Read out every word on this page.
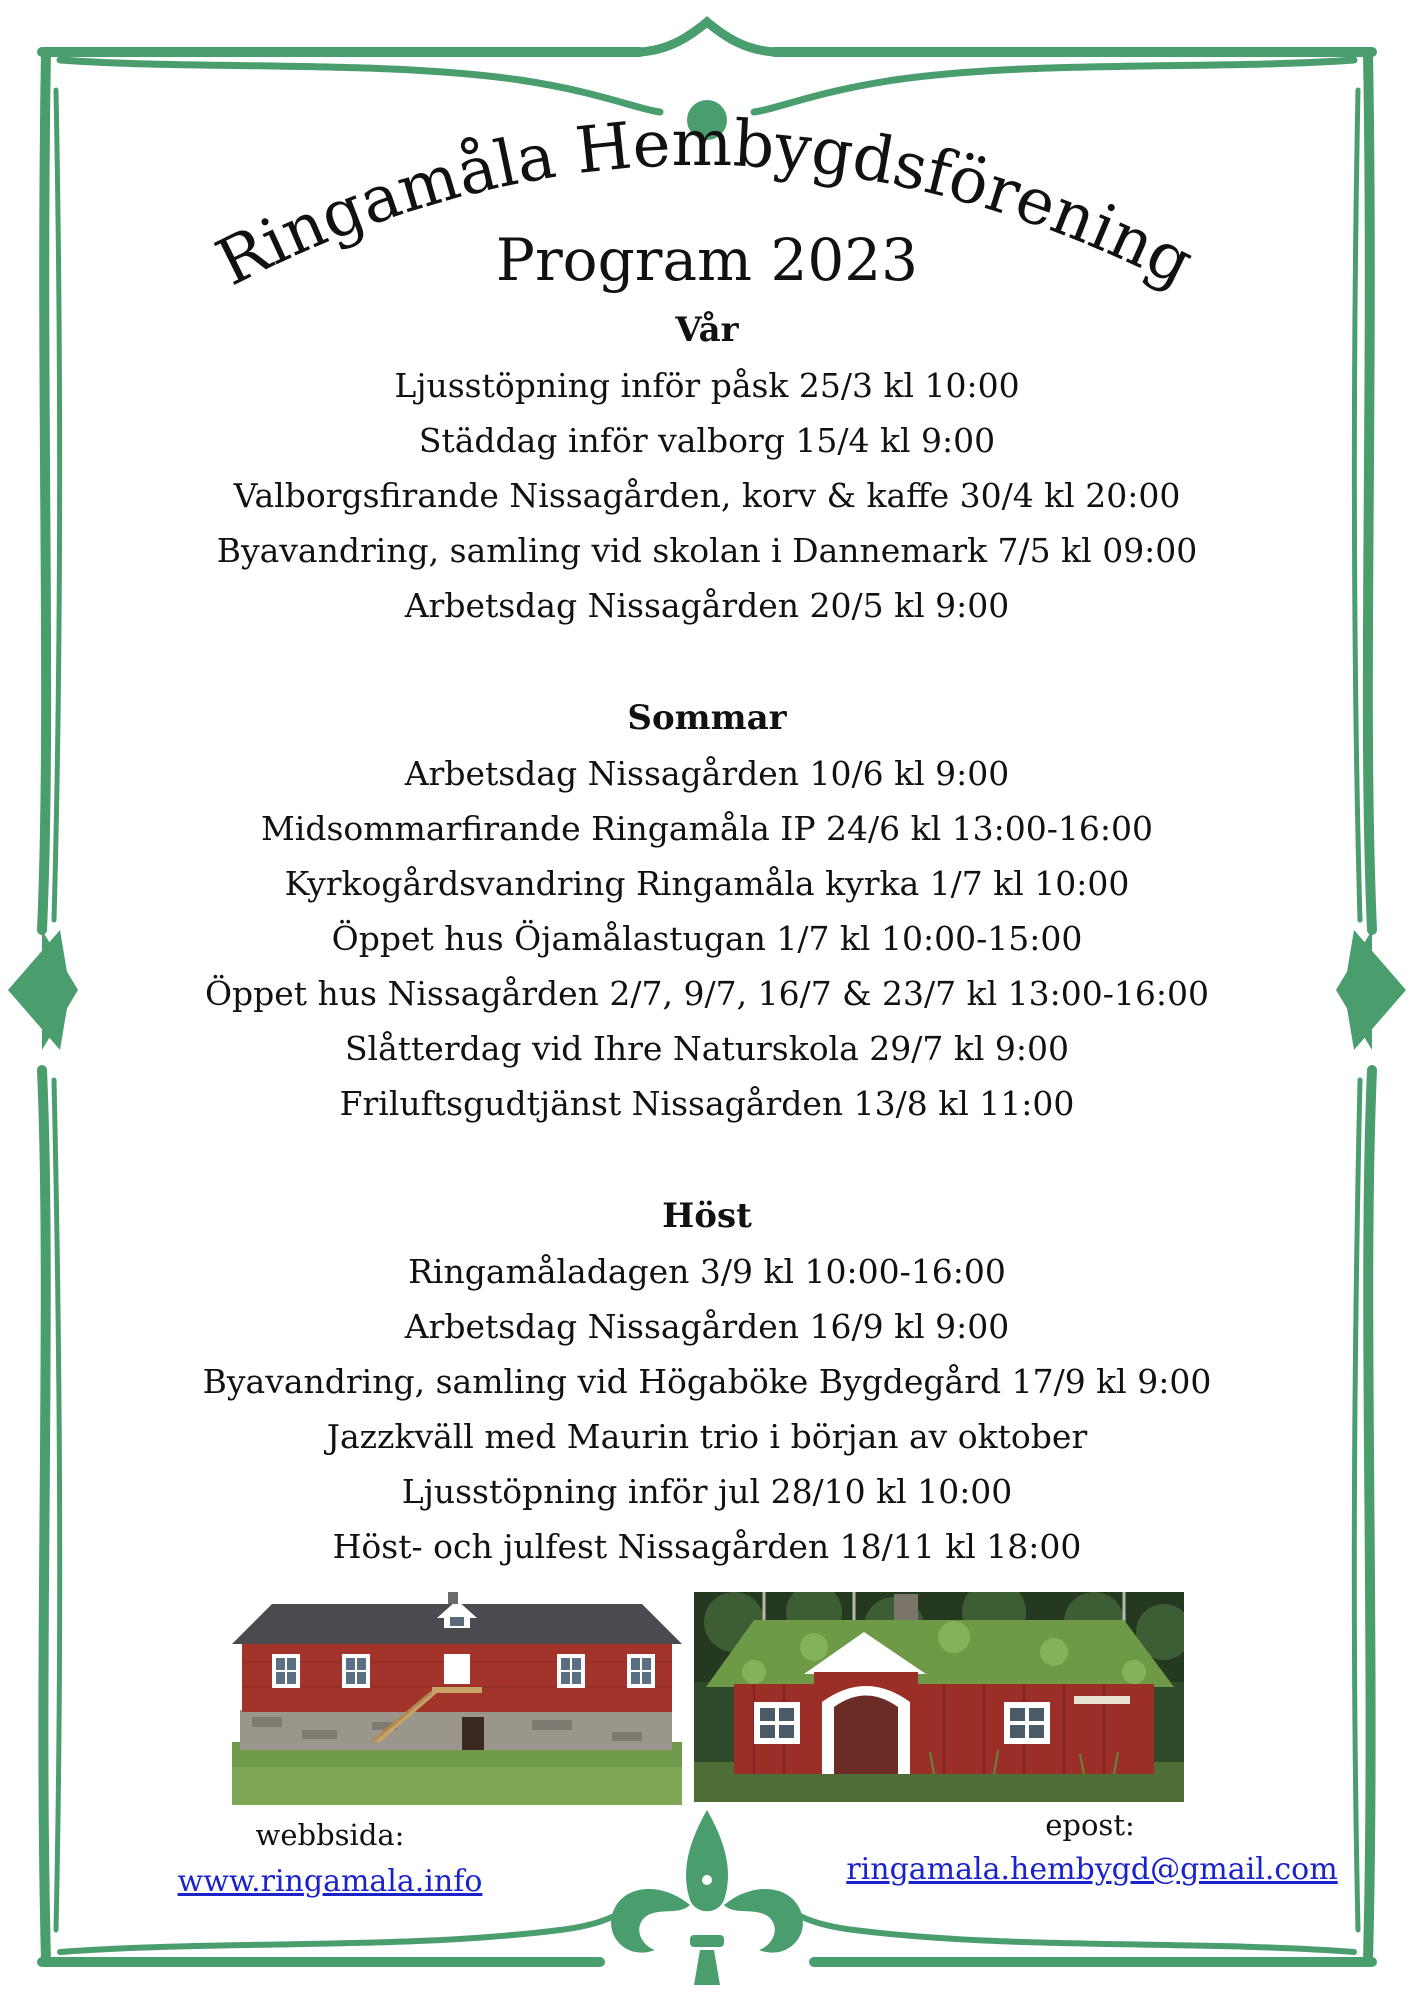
Ringamåla Hembygdsförening
Program 2023
Vår
Ljusstöpning inför påsk 25/3 kl 10:00
Städdag inför valborg 15/4 kl 9:00
Valborgsfirande Nissagården, korv & kaffe 30/4 kl 20:00
Byavandring, samling vid skolan i Dannemark 7/5 kl 09:00
Arbetsdag Nissagården 20/5 kl 9:00
Sommar
Arbetsdag Nissagården 10/6 kl 9:00
Midsommarfirande Ringamåla IP 24/6 kl 13:00-16:00
Kyrkogårdsvandring Ringamåla kyrka 1/7 kl 10:00
Öppet hus Öjamålastugan 1/7 kl 10:00-15:00
Öppet hus Nissagården 2/7, 9/7, 16/7 & 23/7 kl 13:00-16:00
Slåtterdag vid Ihre Naturskola 29/7 kl 9:00
Friluftsgudtjänst Nissagården 13/8 kl 11:00
Höst
Ringamåladagen 3/9 kl 10:00-16:00
Arbetsdag Nissagården 16/9 kl 9:00
Byavandring, samling vid Högaböke Bygdegård 17/9 kl 9:00
Jazzkväll med Maurin trio i början av oktober
Ljusstöpning inför jul 28/10 kl 10:00
Höst- och julfest Nissagården 18/11 kl 18:00
webbsida:
www.ringamala.info
epost:
ringamala.hembygd@gmail.com
